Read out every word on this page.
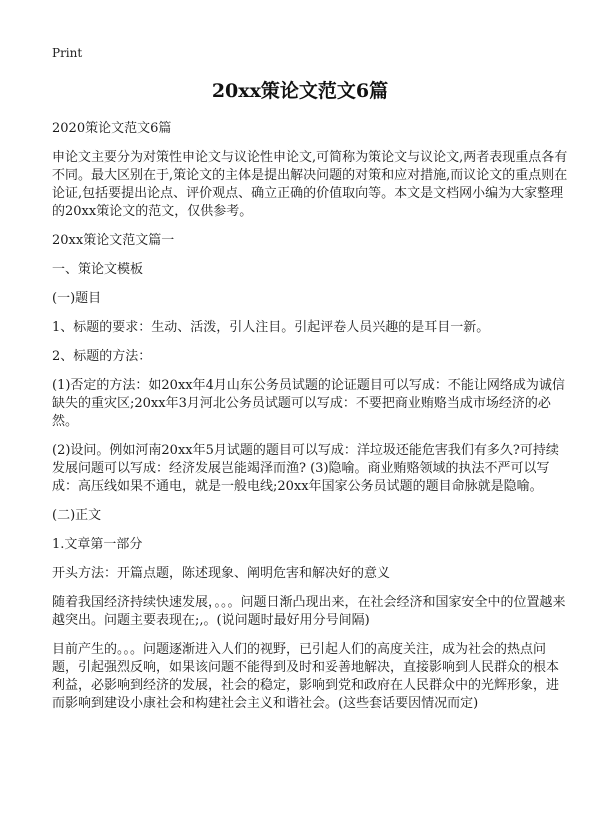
Print
20xx策论文范文6篇

2020策论文范文6篇

申论文主要分为对策性申论文与议论性申论文,可简称为策论文与议论文,两者表现重点各有不同。最大区别在于,策论文的主体是提出解决问题的对策和应对措施,而议论文的重点则在论证,包括要提出论点、评价观点、确立正确的价值取向等。本文是文档网小编为大家整理的20xx策论文的范文，仅供参考。

20xx策论文范文篇一

一、策论文模板

(一)题目

1、标题的要求：生动、活泼，引人注目。引起评卷人员兴趣的是耳目一新。

2、标题的方法：

(1)否定的方法：如20xx年4月山东公务员试题的论证题目可以写成：不能让网络成为诚信缺失的重灾区;20xx年3月河北公务员试题可以写成：不要把商业贿赂当成市场经济的必然。

(2)设问。例如河南20xx年5月试题的题目可以写成：洋垃圾还能危害我们有多久?可持续发展问题可以写成：经济发展岂能竭泽而渔? (3)隐喻。商业贿赂领域的执法不严可以写成：高压线如果不通电，就是一般电线;20xx年国家公务员试题的题目命脉就是隐喻。

(二)正文

1.文章第一部分

开头方法：开篇点题，陈述现象、阐明危害和解决好的意义

随着我国经济持续快速发展，。。。问题日渐凸现出来，在社会经济和国家安全中的位置越来越突出。问题主要表现在;,。(说问题时最好用分号间隔)

目前产生的。。。问题逐渐进入人们的视野，已引起人们的高度关注，成为社会的热点问题，引起强烈反响，如果该问题不能得到及时和妥善地解决，直接影响到人民群众的根本利益，必影响到经济的发展，社会的稳定，影响到党和政府在人民群众中的光辉形象，进而影响到建设小康社会和构建社会主义和谐社会。(这些套话要因情况而定)
